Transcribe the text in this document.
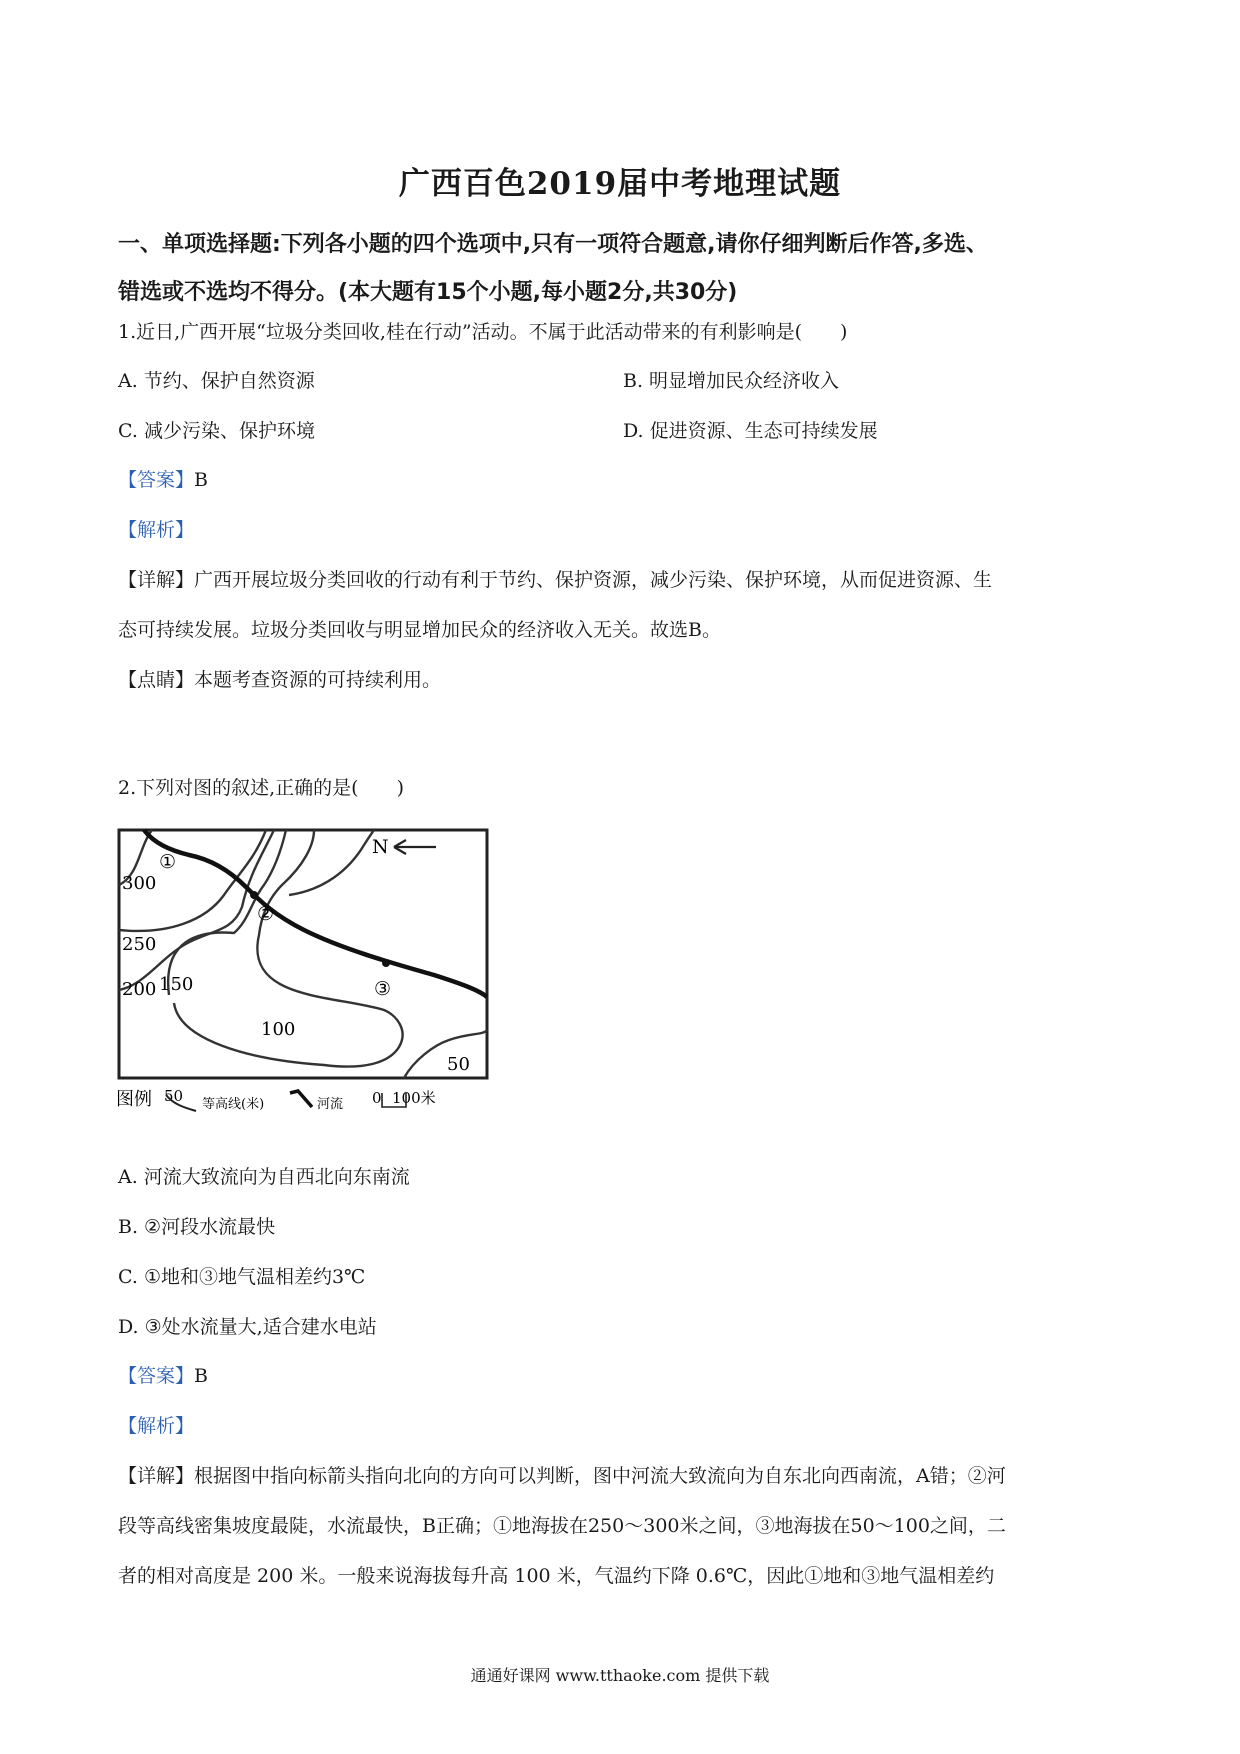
广西百色2019届中考地理试题
一、单项选择题:下列各小题的四个选项中,只有一项符合题意,请你仔细判断后作答,多选、
错选或不选均不得分。(本大题有15个小题,每小题2分,共30分)
1.近日,广西开展“垃圾分类回收,桂在行动”活动。不属于此活动带来的有利影响是(　　)
A. 节约、保护自然资源	B. 明显增加民众经济收入
C. 减少污染、保护环境	D. 促进资源、生态可持续发展
【答案】B
【解析】
【详解】广西开展垃圾分类回收的行动有利于节约、保护资源，减少污染、保护环境，从而促进资源、生
态可持续发展。垃圾分类回收与明显增加民众的经济收入无关。故选B。
【点睛】本题考查资源的可持续利用。
2.下列对图的叙述,正确的是(　　)
N
①
②
③
300
250
200 150
100
50
图例 50 等高线(米)	河流 0 100米
A. 河流大致流向为自西北向东南流
B. ②河段水流最快
C. ①地和③地气温相差约3℃
D. ③处水流量大,适合建水电站
【答案】B
【解析】
【详解】根据图中指向标箭头指向北向的方向可以判断，图中河流大致流向为自东北向西南流，A错；②河
段等高线密集坡度最陡，水流最快，B正确；①地海拔在250～300米之间，③地海拔在50～100之间，二
者的相对高度是 200 米。一般来说海拔每升高 100 米，气温约下降 0.6℃，因此①地和③地气温相差约
通通好课网 www.tthaoke.com 提供下载
